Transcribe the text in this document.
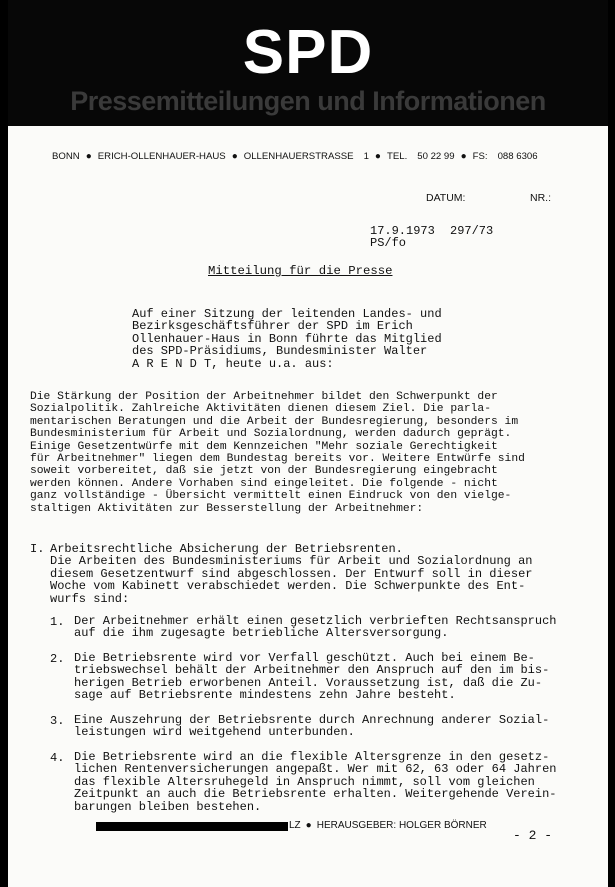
SPD
Pressemitteilungen und Informationen
BONN ● ERICH-OLLENHAUER-HAUS ● OLLENHAUERSTRASSE 1 ● TEL. 50 22 99 ● FS: 088 6306
DATUM:	NR.:
17.9.1973 297/73
PS/fo
Mitteilung für die Presse
Auf einer Sitzung der leitenden Landes- und
Bezirksgeschäftsführer der SPD im Erich
Ollenhauer-Haus in Bonn führte das Mitglied
des SPD-Präsidiums, Bundesminister Walter
A R E N D T, heute u.a. aus:
Die Stärkung der Position der Arbeitnehmer bildet den Schwerpunkt der
Sozialpolitik. Zahlreiche Aktivitäten dienen diesem Ziel. Die parla-
mentarischen Beratungen und die Arbeit der Bundesregierung, besonders im
Bundesministerium für Arbeit und Sozialordnung, werden dadurch geprägt.
Einige Gesetzentwürfe mit dem Kennzeichen "Mehr soziale Gerechtigkeit
für Arbeitnehmer" liegen dem Bundestag bereits vor. Weitere Entwürfe sind
soweit vorbereitet, daß sie jetzt von der Bundesregierung eingebracht
werden können. Andere Vorhaben sind eingeleitet. Die folgende - nicht
ganz vollständige - Übersicht vermittelt einen Eindruck von den vielge-
staltigen Aktivitäten zur Besserstellung der Arbeitnehmer:
I. Arbeitsrechtliche Absicherung der Betriebsrenten.
Die Arbeiten des Bundesministeriums für Arbeit und Sozialordnung an
diesem Gesetzentwurf sind abgeschlossen. Der Entwurf soll in dieser
Woche vom Kabinett verabschiedet werden. Die Schwerpunkte des Ent-
wurfs sind:
1. Der Arbeitnehmer erhält einen gesetzlich verbrieften Rechtsanspruch
auf die ihm zugesagte betriebliche Altersversorgung.
2. Die Betriebsrente wird vor Verfall geschützt. Auch bei einem Be-
triebswechsel behält der Arbeitnehmer den Anspruch auf den im bis-
herigen Betrieb erworbenen Anteil. Voraussetzung ist, daß die Zu-
sage auf Betriebsrente mindestens zehn Jahre besteht.
3. Eine Auszehrung der Betriebsrente durch Anrechnung anderer Sozial-
leistungen wird weitgehend unterbunden.
4. Die Betriebsrente wird an die flexible Altersgrenze in den gesetz-
lichen Rentenversicherungen angepaßt. Wer mit 62, 63 oder 64 Jahren
das flexible Altersruhegeld in Anspruch nimmt, soll vom gleichen
Zeitpunkt an auch die Betriebsrente erhalten. Weitergehende Verein-
barungen bleiben bestehen.
LZ ● HERAUSGEBER: HOLGER BÖRNER
- 2 -
